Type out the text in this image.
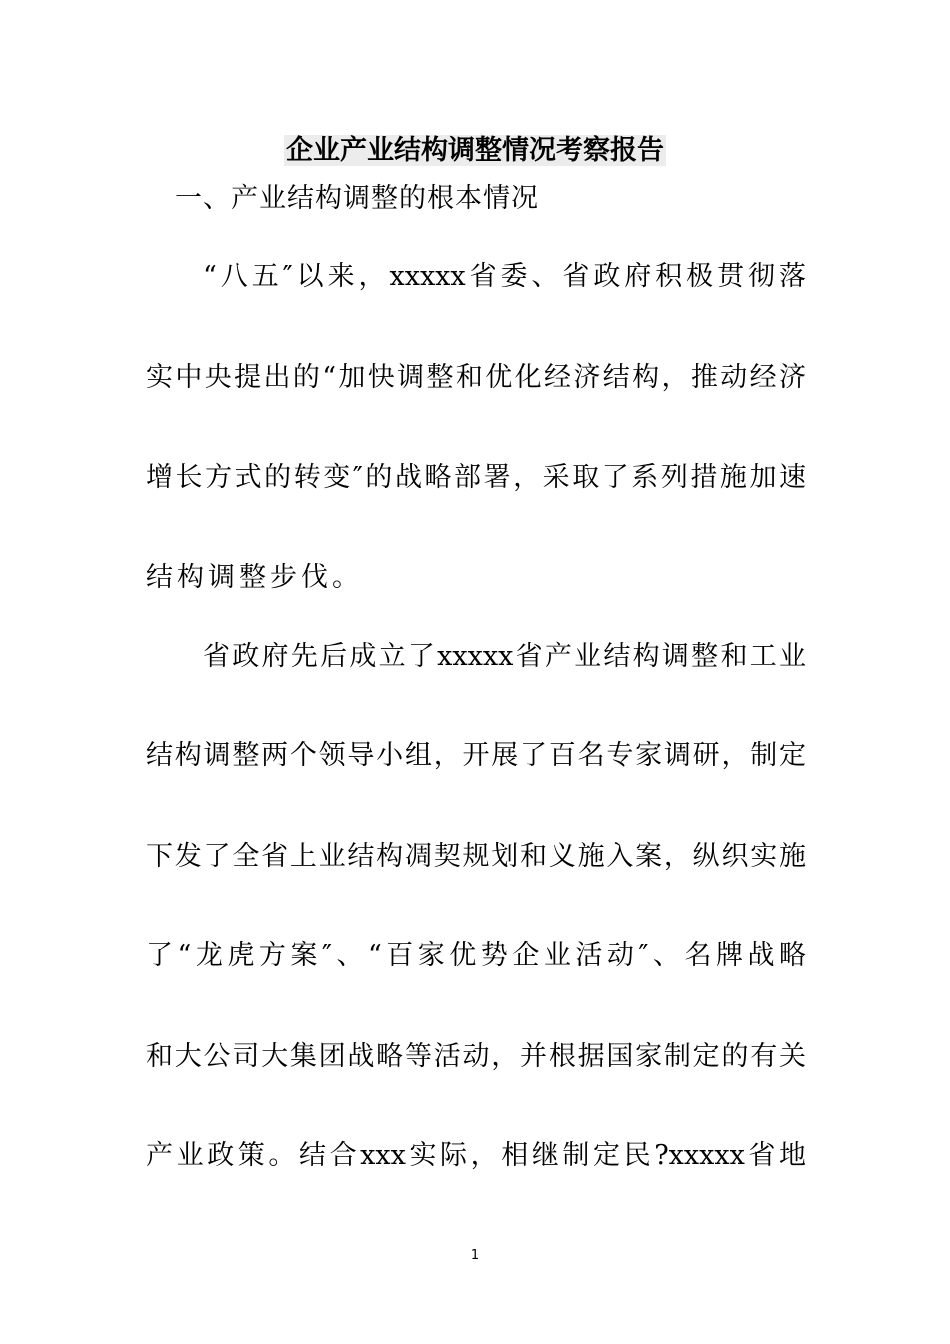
企业产业结构调整情况考察报告

一、产业结构调整的根本情况

“八五″以来，xxxxx省委、省政府积极贯彻落

实中央提出的“加快调整和优化经济结构，推动经济

增长方式的转变″的战略部署，采取了系列措施加速

结构调整步伐。

省政府先后成立了xxxxx省产业结构调整和工业

结构调整两个领导小组，开展了百名专家调研，制定

下发了全省上业结构凋契规划和义施入案，纵织实施

了“龙虎方案″、“百家优势企业活动″、名牌战略

和大公司大集团战略等活动，并根据国家制定的有关

产业政策。结合xxx实际，相继制定民?xxxxx省地

1
